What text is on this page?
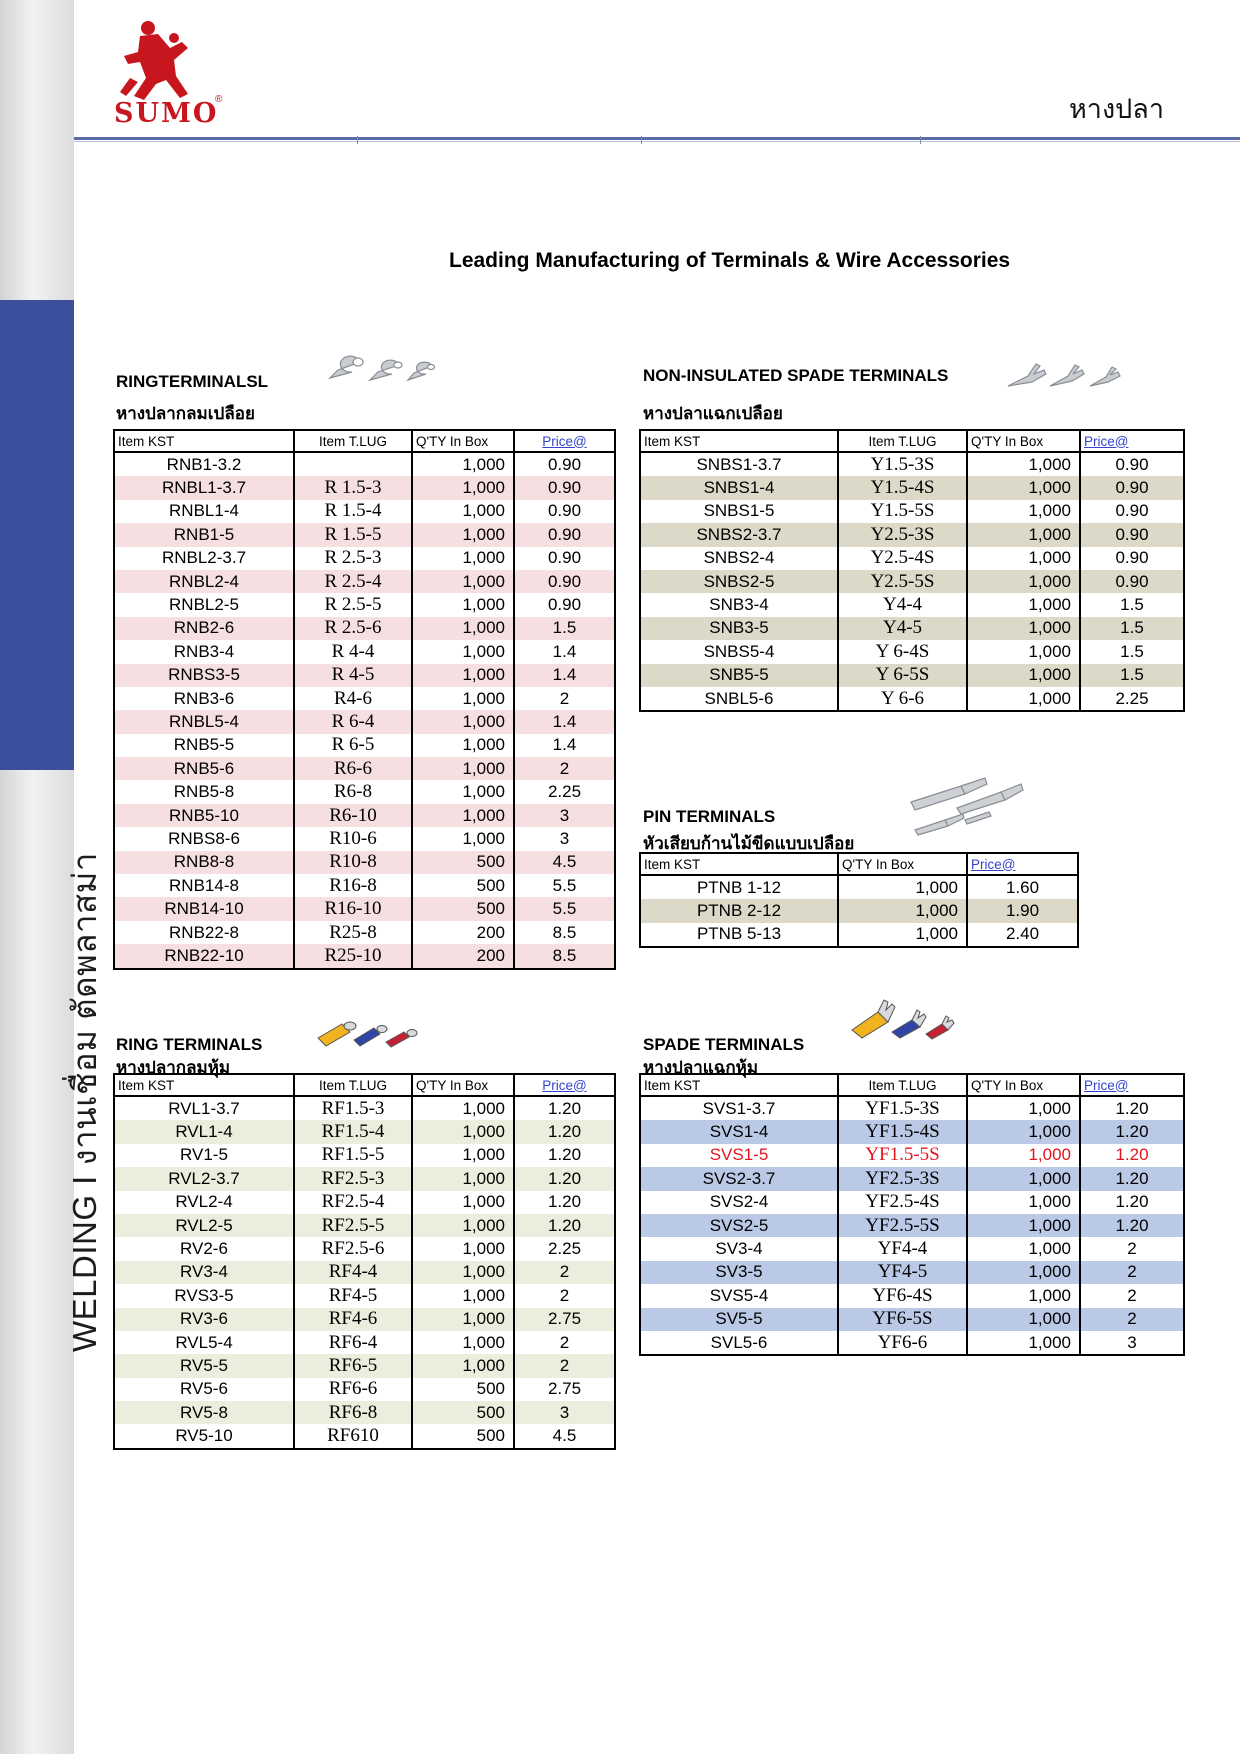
WELDING I งานเชื่อม ตัดพลาสม่า
SUMO
®	หางปลา
Leading Manufacturing of Terminals & Wire Accessories
RINGTERMINALSL
หางปลากลมเปลือย
Item KST	Item T.LUG	Q'TY In Box	Price@
RNB1-3.2		1,000	0.90
RNBL1-3.7	R 1.5-3	1,000	0.90
RNBL1-4	R 1.5-4	1,000	0.90
RNB1-5	R 1.5-5	1,000	0.90
RNBL2-3.7	R 2.5-3	1,000	0.90
RNBL2-4	R 2.5-4	1,000	0.90
RNBL2-5	R 2.5-5	1,000	0.90
RNB2-6	R 2.5-6	1,000	1.5
RNB3-4	R 4-4	1,000	1.4
RNBS3-5	R 4-5	1,000	1.4
RNB3-6	R4-6	1,000	2
RNBL5-4	R 6-4	1,000	1.4
RNB5-5	R 6-5	1,000	1.4
RNB5-6	R6-6	1,000	2
RNB5-8	R6-8	1,000	2.25
RNB5-10	R6-10	1,000	3
RNBS8-6	R10-6	1,000	3
RNB8-8	R10-8	500	4.5
RNB14-8	R16-8	500	5.5
RNB14-10	R16-10	500	5.5
RNB22-8	R25-8	200	8.5
RNB22-10	R25-10	200	8.5
NON-INSULATED SPADE TERMINALS
หางปลาแฉกเปลือย
Item KST	Item T.LUG	Q'TY In Box	Price@
SNBS1-3.7	Y1.5-3S	1,000	0.90
SNBS1-4	Y1.5-4S	1,000	0.90
SNBS1-5	Y1.5-5S	1,000	0.90
SNBS2-3.7	Y2.5-3S	1,000	0.90
SNBS2-4	Y2.5-4S	1,000	0.90
SNBS2-5	Y2.5-5S	1,000	0.90
SNB3-4	Y4-4	1,000	1.5
SNB3-5	Y4-5	1,000	1.5
SNBS5-4	Y 6-4S	1,000	1.5
SNB5-5	Y 6-5S	1,000	1.5
SNBL5-6	Y 6-6	1,000	2.25
PIN TERMINALS
หัวเสียบก้านไม้ขีดแบบเปลือย
Item KST	Q'TY In Box	Price@
PTNB 1-12	1,000	1.60
PTNB 2-12	1,000	1.90
PTNB 5-13	1,000	2.40
RING TERMINALS
หางปลากลมหุ้ม
Item KST	Item T.LUG	Q'TY In Box	Price@
RVL1-3.7	RF1.5-3	1,000	1.20
RVL1-4	RF1.5-4	1,000	1.20
RV1-5	RF1.5-5	1,000	1.20
RVL2-3.7	RF2.5-3	1,000	1.20
RVL2-4	RF2.5-4	1,000	1.20
RVL2-5	RF2.5-5	1,000	1.20
RV2-6	RF2.5-6	1,000	2.25
RV3-4	RF4-4	1,000	2
RVS3-5	RF4-5	1,000	2
RV3-6	RF4-6	1,000	2.75
RVL5-4	RF6-4	1,000	2
RV5-5	RF6-5	1,000	2
RV5-6	RF6-6	500	2.75
RV5-8	RF6-8	500	3
RV5-10	RF610	500	4.5
SPADE TERMINALS
หางปลาแฉกหุ้ม
Item KST	Item T.LUG	Q'TY In Box	Price@
SVS1-3.7	YF1.5-3S	1,000	1.20
SVS1-4	YF1.5-4S	1,000	1.20
SVS1-5	YF1.5-5S	1,000	1.20
SVS2-3.7	YF2.5-3S	1,000	1.20
SVS2-4	YF2.5-4S	1,000	1.20
SVS2-5	YF2.5-5S	1,000	1.20
SV3-4	YF4-4	1,000	2
SV3-5	YF4-5	1,000	2
SVS5-4	YF6-4S	1,000	2
SV5-5	YF6-5S	1,000	2
SVL5-6	YF6-6	1,000	3
